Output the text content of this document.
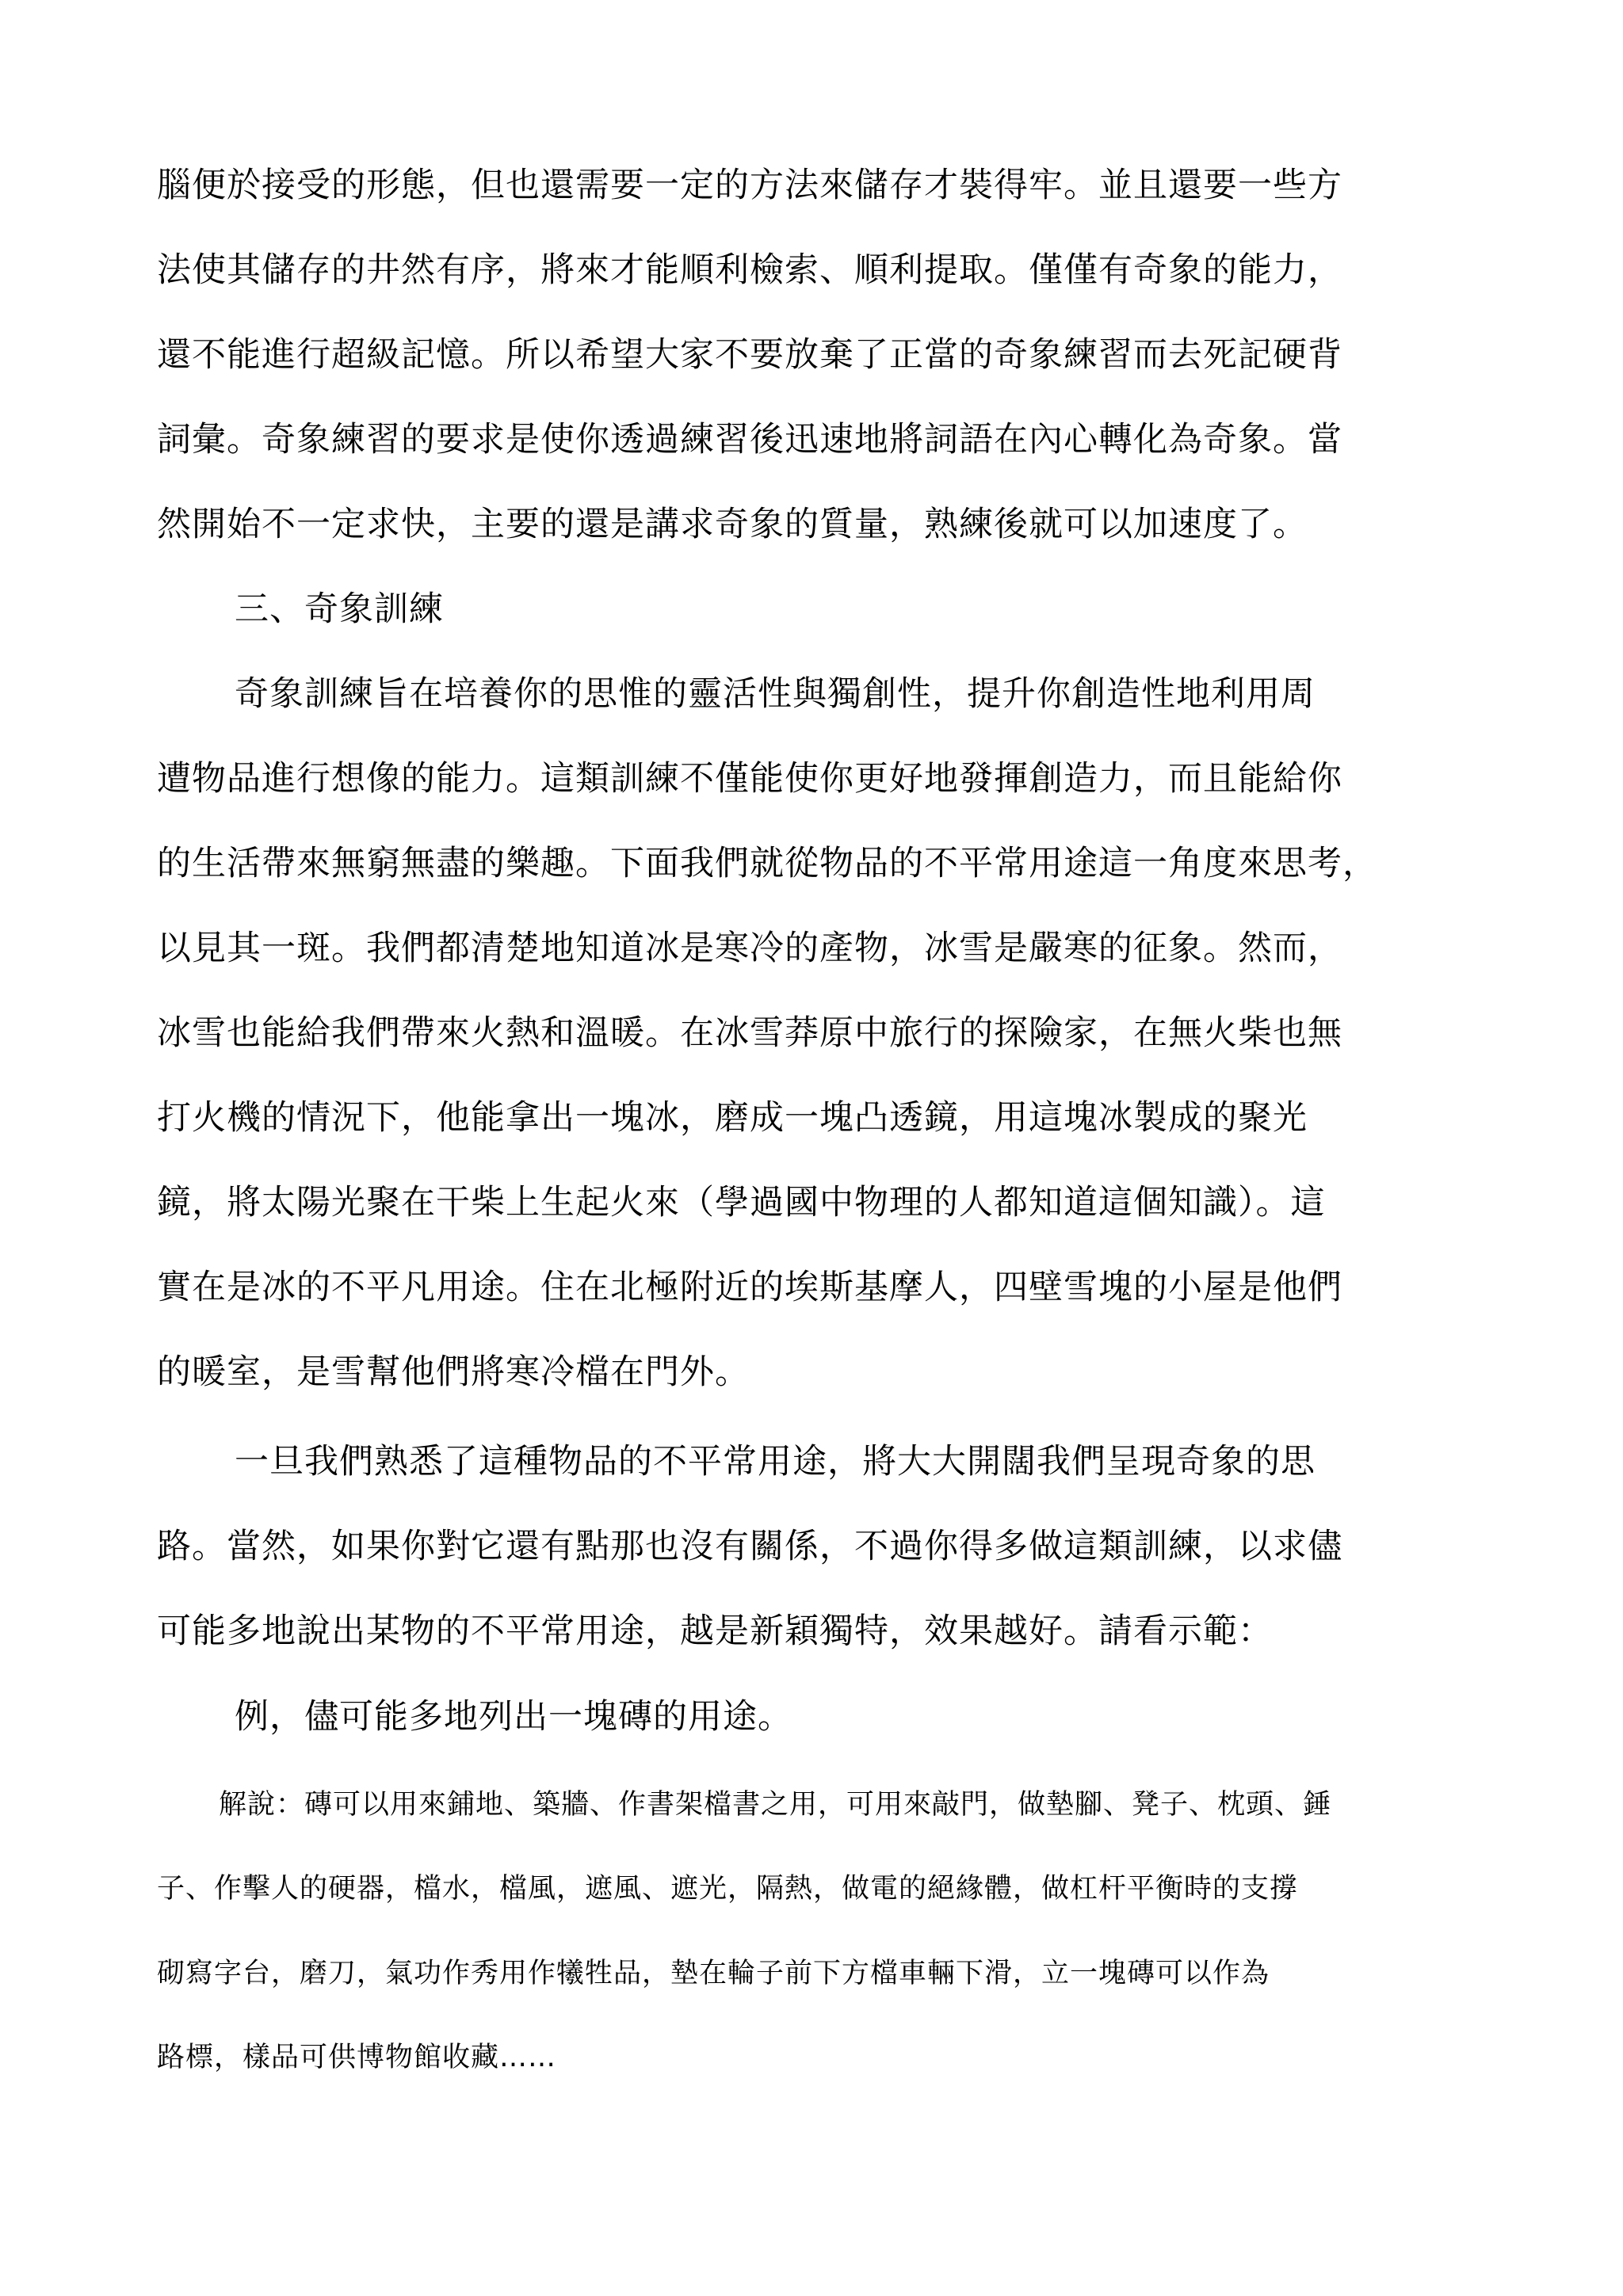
腦便於接受的形態，但也還需要一定的方法來儲存才裝得牢。並且還要一些方
法使其儲存的井然有序，將來才能順利檢索、順利提取。僅僅有奇象的能力，
還不能進行超級記憶。所以希望大家不要放棄了正當的奇象練習而去死記硬背
詞彙。奇象練習的要求是使你透過練習後迅速地將詞語在內心轉化為奇象。當
然開始不一定求快，主要的還是講求奇象的質量，熟練後就可以加速度了。
三、奇象訓練
奇象訓練旨在培養你的思惟的靈活性與獨創性，提升你創造性地利用周
遭物品進行想像的能力。這類訓練不僅能使你更好地發揮創造力，而且能給你
的生活帶來無窮無盡的樂趣。下面我們就從物品的不平常用途這一角度來思考，
以見其一斑。我們都清楚地知道冰是寒冷的產物，冰雪是嚴寒的征象。然而，
冰雪也能給我們帶來火熱和溫暖。在冰雪莽原中旅行的探險家，在無火柴也無
打火機的情況下，他能拿出一塊冰，磨成一塊凸透鏡，用這塊冰製成的聚光
鏡，將太陽光聚在干柴上生起火來（學過國中物理的人都知道這個知識）。這
實在是冰的不平凡用途。住在北極附近的埃斯基摩人，四壁雪塊的小屋是他們
的暖室，是雪幫他們將寒冷檔在門外。
一旦我們熟悉了這種物品的不平常用途，將大大開闊我們呈現奇象的思
路。當然，如果你對它還有點那也沒有關係，不過你得多做這類訓練，以求儘
可能多地說出某物的不平常用途，越是新穎獨特，效果越好。請看示範：
例，儘可能多地列出一塊磚的用途。
解說：磚可以用來鋪地、築牆、作書架檔書之用，可用來敲門，做墊腳、凳子、枕頭、錘
子、作擊人的硬器，檔水，檔風，遮風、遮光，隔熱，做電的絕緣體，做杠杆平衡時的支撐
砌寫字台，磨刀，氣功作秀用作犧牲品，墊在輪子前下方檔車輛下滑，立一塊磚可以作為
路標，樣品可供博物館收藏……
